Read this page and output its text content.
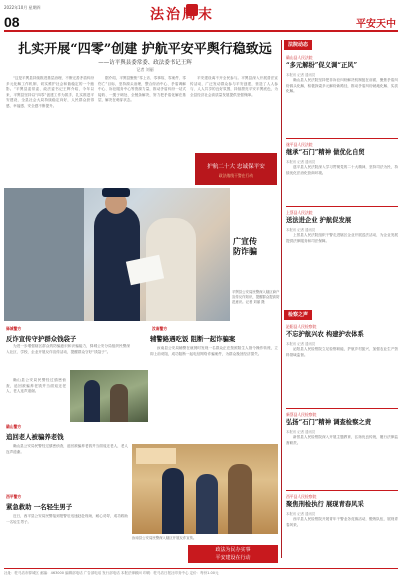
2022年10月 星期四
08	法治周末
平安天中
扎实开展“四零”创建 护航平安平舆行稳致远
——访平舆县委常委、政法委书记王辉
记者 刘丽

“这是平舆县持续推进基层治理、不断完善矛盾纠纷多元化解工作机制、切实维护社会和谐稳定的一个缩影。”平舆县委常委、政法委书记王辉介绍，今年以来，平舆县坚持以“四零”创建工作为抓手，扎实推进平安建设，全县社会大局持续稳定向好，人民群众获得感、幸福感、安全感不断提升。

据介绍，平舆县聚焦“零上访、零事故、零案件、零伤亡”目标，坚持源头治理，整合综治中心、矛盾调解中心、诉讼服务中心等资源力量，推动矛盾纠纷一站式接收、一揽子调处、全链条解决，努力把矛盾化解在基层、解决在萌芽状态。

平安建设离不开全民参与。平舆县深入开展普法宣传活动，广泛发动群众参与平安创建，营造了人人参与、人人共享的良好氛围，持续擦亮平安平舆底色，为全县经济社会高质量发展提供坚强保障。

护航二十大 忠诚保平安
政法战线干警在行动
广宣传 防诈骗
平舆县公安局民警深入辖区商户宣传反诈知识，提醒群众提高防范意识。记者 刘丽 摄
驿城警方
反诈宣传守护群众钱袋子

为进一步增强辖区群众的防骗意识和识骗能力，驿城公安分局组织民警深入社区、学校、企业开展反诈宣传活动，提醒群众守好“钱袋子”。

确山县公安局民警经过缜密侦查，追回被骗养老钱并当面返还老人，老人连声道谢。

确山警方
追回老人被骗养老钱

确山县公安局民警经过缜密侦查，追回被骗养老钱并当面返还老人，老人连声道谢。

西平警方
紧急救助 一名轻生男子

近日，西平县公安局民警接到报警后迅速赶赴现场，耐心劝导，成功救助一名轻生男子。

汝南警方
辅警路遇吃饭 阻断一起诈骗案

汝南县公安局辅警在就餐时发现一名群众正在按照陌生人指令操作转账，立即上前劝阻，成功阻断一起电信网络诈骗案件，为群众挽回经济损失。

汝南县公安局民警深入辖区开展反诈宣传。
政法为民办实事
平安建设在行动
法院动态
确山县人民法院
“多元解纷”促义调“正风”
本报讯 记者 通讯员

确山县人民法院坚持把非诉讼纠纷解决机制挺在前面，聚焦矛盾纠纷源头化解，积极探索多元解纷新路径，推动矛盾纠纷就地化解、实质化解。

遂平县人民法院
继承“石门”精神 做优化自贸
本报讯 记者 通讯员

遂平县人民法院深入学习贯彻党的二十大精神，坚持司法为民，持续优化法治化营商环境。

上蔡县人民法院
送法进企业 护航促发展
本报讯 记者 通讯员

上蔡县人民法院组织干警走进辖区企业开展送法活动，为企业发展提供法律服务和司法保障。

检察之声
泌阳县人民检察院
不忘护航兴农 构建护农体系
本报讯 记者 通讯员

泌阳县人民检察院立足检察职能，护航乡村振兴，加强农业生产资料领域监督。

新蔡县人民检察院
弘扬“石门”精神 调查检察之责
本报讯 记者 通讯员

新蔡县人民检察院深入开展主题教育，弘扬优良传统，履行法律监督职责。

西平县人民检察院
聚焦刑检执行 展现青春风采
本报讯 记者 通讯员

西平县人民检察院开展青年干警业务竞赛活动，锻炼队伍，展现青春风采。

社址：驻马店市驿城区 邮编：463000 编辑部电话 广告部电话 发行部电话 本报法律顾问 印刷：驻马店日报社印务中心 定价：每份1.00元
